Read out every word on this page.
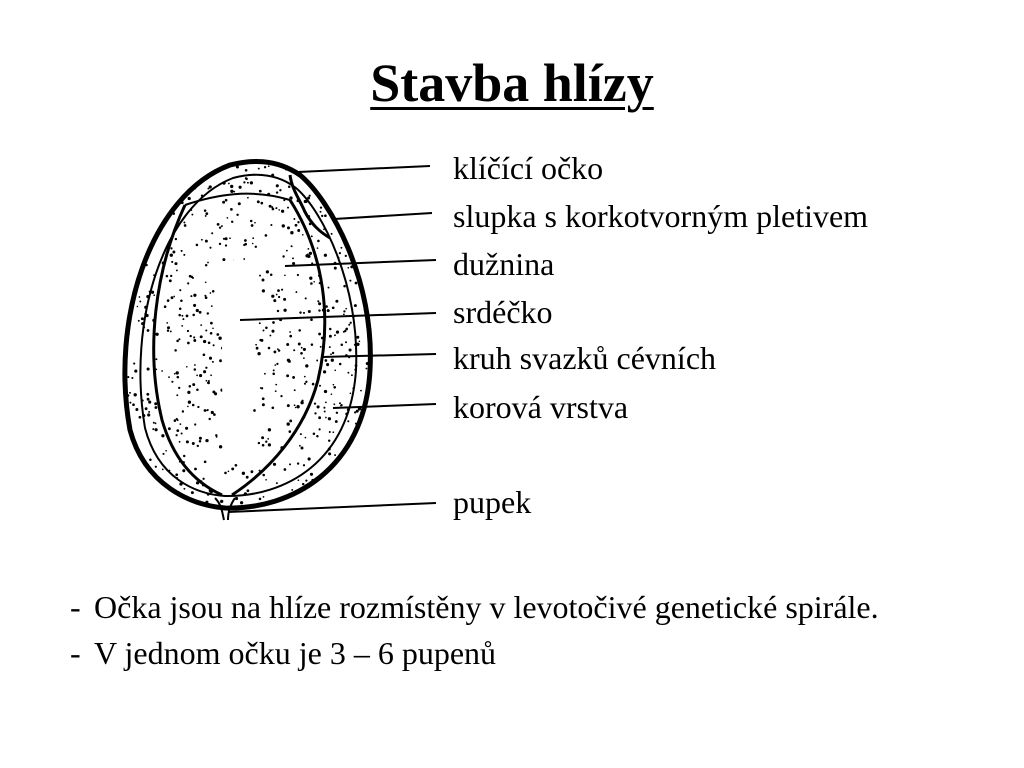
Stavba hlízy

klíčící očko

slupka s korkotvorným pletivem

dužnina

srdéčko

kruh svazků cévních

korová vrstva

pupek

- Očka jsou na hlíze rozmístěny v levotočivé genetické spirále.

- V jednom očku je 3 – 6 pupenů
